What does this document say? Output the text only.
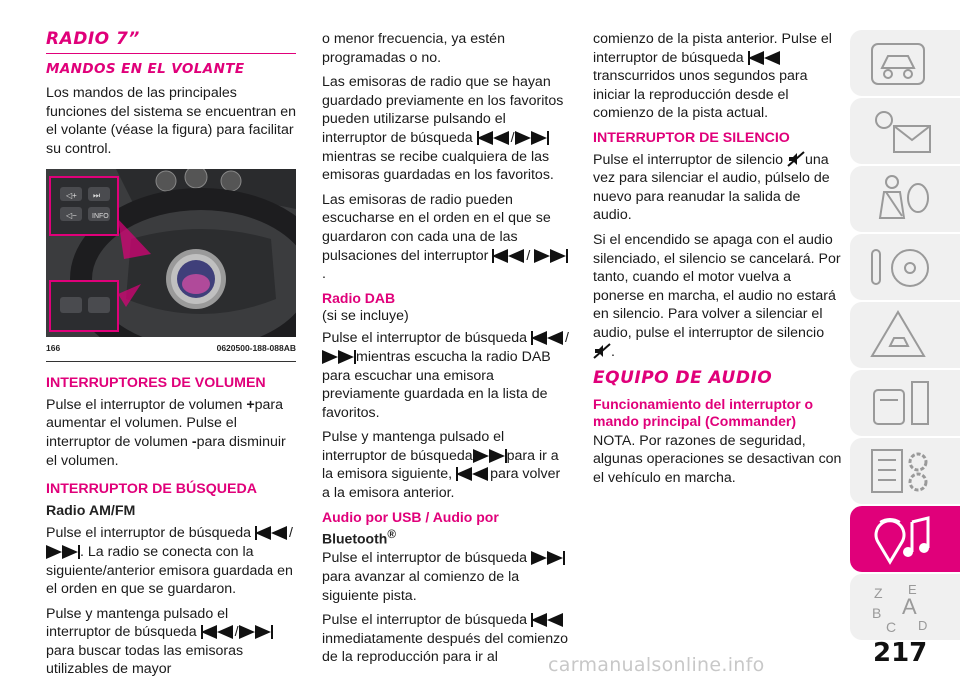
RADIO 7”
MANDOS EN EL VOLANTE

Los mandos de las principales funciones del sistema se encuentran en el volante (véase la figura) para facilitar su control.

◁+ ⏭
◁− INFO
166	0620500-188-088AB
INTERRUPTORES DE VOLUMEN

Pulse el interruptor de volumen +para aumentar el volumen. Pulse el interruptor de volumen -para disminuir el volumen.

INTERRUPTOR DE BÚSQUEDA
Radio AM/FM

Pulse el interruptor de búsqueda	/ . La radio se conecta con la siguiente/anterior emisora guardada en el orden en que se guardaron.

Pulse y mantenga pulsado el interruptor de búsqueda	/para buscar todas las emisoras utilizables de mayor

o menor frecuencia, ya estén programadas o no.

Las emisoras de radio que se hayan guardado previamente en los favoritos pueden utilizarse pulsando el interruptor de búsqueda	/mientras se recibe cualquiera de las emisoras guardadas en los favoritos.

Las emisoras de radio pueden escucharse en el orden en el que se guardaron con cada una de las pulsaciones del interruptor	/ .

Radio DAB

(si se incluye)

Pulse el interruptor de búsqueda	/ mientras escucha la radio DAB para escuchar una emisora previamente guardada en la lista de favoritos.

Pulse y mantenga pulsado el interruptor de búsqueda para ir a la emisora siguiente,	para volver a la emisora anterior.

Audio por USB / Audio por
Bluetooth®

Pulse el interruptor de búsqueda para avanzar al comienzo de la siguiente pista.

Pulse el interruptor de búsqueda inmediatamente después del comienzo de la reproducción para ir al

comienzo de la pista anterior. Pulse el interruptor de búsqueda transcurridos unos segundos para iniciar la reproducción desde el comienzo de la pista actual.

INTERRUPTOR DE SILENCIO

Pulse el interruptor de silencio una vez para silenciar el audio, púlselo de nuevo para reanudar la salida de audio.

Si el encendido se apaga con el audio silenciado, el silencio se cancelará. Por tanto, cuando el motor vuelva a ponerse en marcha, el audio no estará en silencio. Para volver a silenciar el audio, pulse el interruptor de silencio
.

EQUIPO DE AUDIO
Funcionamiento del interruptor o mando principal (Commander)

NOTA. Por razones de seguridad, algunas operaciones se desactivan con el vehículo en marcha.

Z E
A
B
C D
217
carmanualsonline.info
